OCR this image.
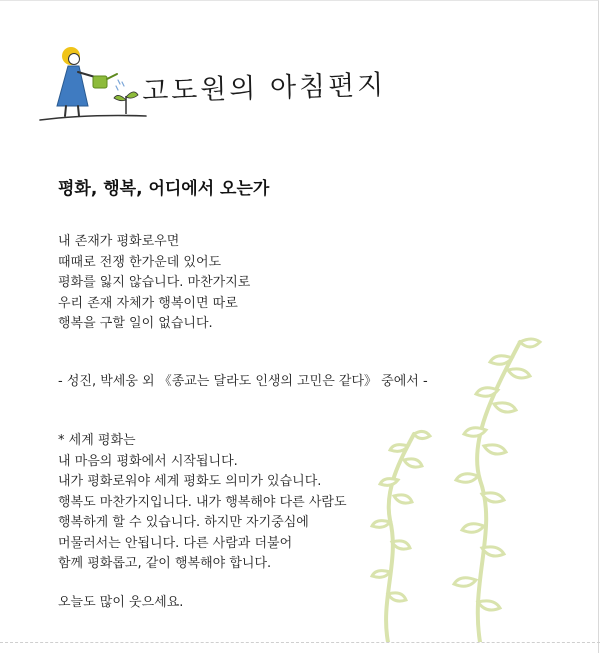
고도원의 아침편지
평화, 행복, 어디에서 오는가
내 존재가 평화로우면
때때로 전쟁 한가운데 있어도
평화를 잃지 않습니다. 마찬가지로
우리 존재 자체가 행복이면 따로
행복을 구할 일이 없습니다.
- 성진, 박세웅 외 《종교는 달라도 인생의 고민은 같다》 중에서 -
* 세계 평화는
내 마음의 평화에서 시작됩니다.
내가 평화로워야 세계 평화도 의미가 있습니다.
행복도 마찬가지입니다. 내가 행복해야 다른 사람도
행복하게 할 수 있습니다. 하지만 자기중심에
머물러서는 안됩니다. 다른 사람과 더불어
함께 평화롭고, 같이 행복해야 합니다.
오늘도 많이 웃으세요.
